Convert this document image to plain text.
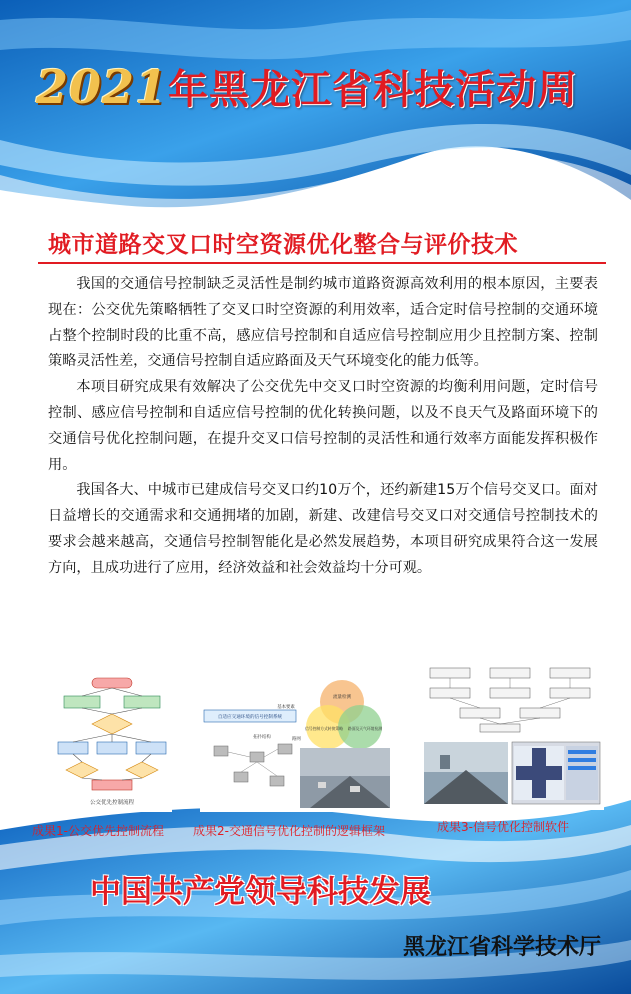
2021年黑龙江省科技活动周
城市道路交叉口时空资源优化整合与评价技术

我国的交通信号控制缺乏灵活性是制约城市道路资源高效利用的根本原因，主要表现在：公交优先策略牺牲了交叉口时空资源的利用效率，适合定时信号控制的交通环境占整个控制时段的比重不高，感应信号控制和自适应信号控制应用少且控制方案、控制策略灵活性差，交通信号控制自适应路面及天气环境变化的能力低等。

本项目研究成果有效解决了公交优先中交叉口时空资源的均衡利用问题，定时信号控制、感应信号控制和自适应信号控制的优化转换问题，以及不良天气及路面环境下的交通信号优化控制问题，在提升交叉口信号控制的灵活性和通行效率方面能发挥积极作用。

我国各大、中城市已建成信号交叉口约10万个，还约新建15万个信号交叉口。面对日益增长的交通需求和交通拥堵的加剧，新建、改建信号交叉口对交通信号控制技术的要求会越来越高，交通信号控制智能化是必然发展趋势，本项目研究成果符合这一发展方向，且成功进行了应用，经济效益和社会效益均十分可观。

公交优先控制流程
成果1-公交优先控制流程
流量检测
信号控制方式转换策略 路面及天气环境检测
自适应交通环境的信号控制系统
基本要素
拓扑结构	路网
成果2-交通信号优化控制的逻辑框架	成果3-信号优化控制软件
中国共产党领导科技发展
黑龙江省科学技术厅
